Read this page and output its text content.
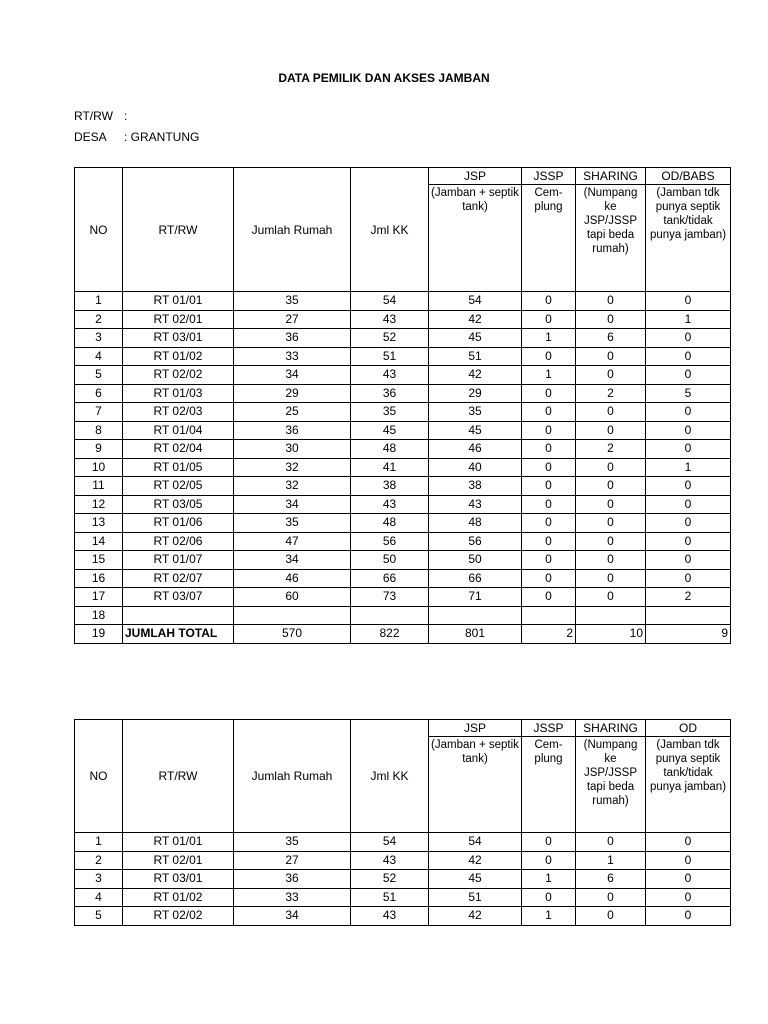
DATA PEMILIK DAN AKSES JAMBAN
RT/RW :
DESA : GRANTUNG
NO	RT/RW	Jumlah Rumah	Jml KK	JSP	JSSP	SHARING	OD/BABS
				(Jamban + septik tank)	Cem-plung	(Numpang ke JSP/JSSP tapi beda rumah)	(Jamban tdk punya septik tank/tidak punya jamban)
1	RT 01/01	35	54	54	0	0	0
2	RT 02/01	27	43	42	0	0	1
3	RT 03/01	36	52	45	1	6	0
4	RT 01/02	33	51	51	0	0	0
5	RT 02/02	34	43	42	1	0	0
6	RT 01/03	29	36	29	0	2	5
7	RT 02/03	25	35	35	0	0	0
8	RT 01/04	36	45	45	0	0	0
9	RT 02/04	30	48	46	0	2	0
10	RT 01/05	32	41	40	0	0	1
11	RT 02/05	32	38	38	0	0	0
12	RT 03/05	34	43	43	0	0	0
13	RT 01/06	35	48	48	0	0	0
14	RT 02/06	47	56	56	0	0	0
15	RT 01/07	34	50	50	0	0	0
16	RT 02/07	46	66	66	0	0	0
17	RT 03/07	60	73	71	0	0	2
18							
19	JUMLAH TOTAL	570	822	801	2	10	9
NO	RT/RW	Jumlah Rumah	Jml KK	JSP	JSSP	SHARING	OD
				(Jamban + septik tank)	Cem-plung	(Numpang ke JSP/JSSP tapi beda rumah)	(Jamban tdk punya septik tank/tidak punya jamban)
1	RT 01/01	35	54	54	0	0	0
2	RT 02/01	27	43	42	0	1	0
3	RT 03/01	36	52	45	1	6	0
4	RT 01/02	33	51	51	0	0	0
5	RT 02/02	34	43	42	1	0	0
